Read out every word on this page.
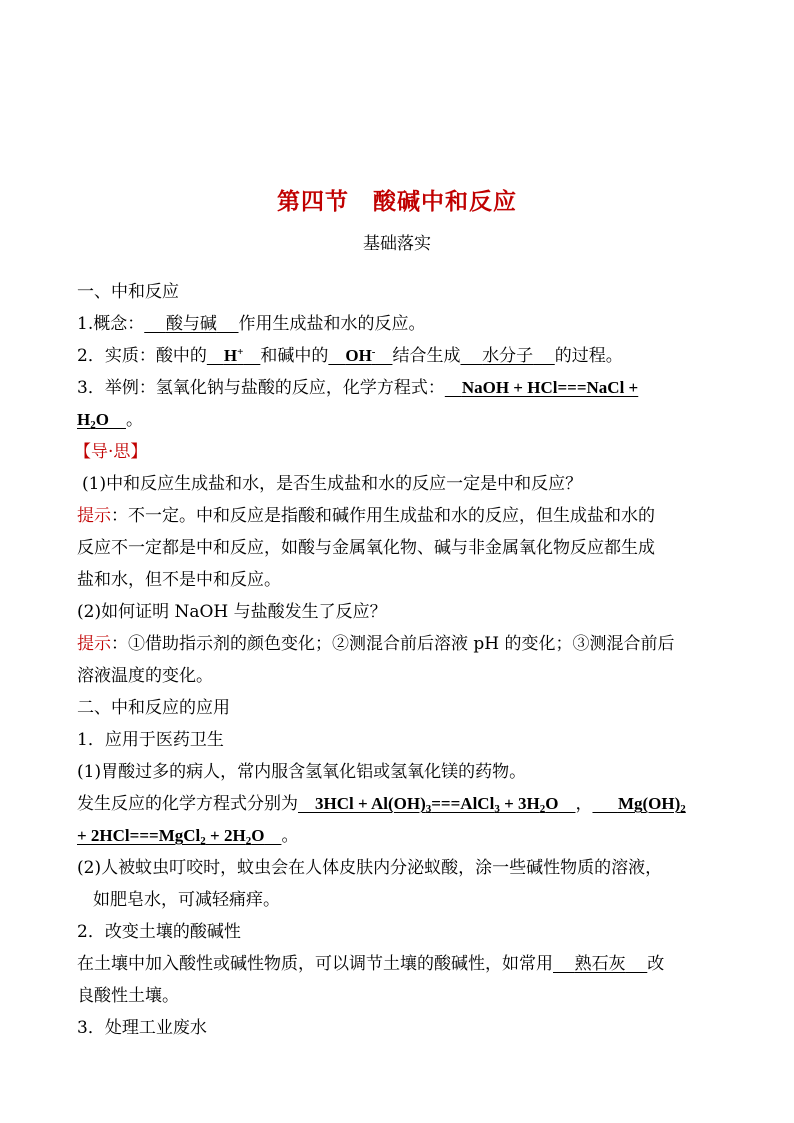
第四节 酸碱中和反应
基础落实
一、中和反应
1.概念：   酸与碱   作用生成盐和水的反应。
2．实质：酸中的   H+   和碱中的   OH-   结合生成   水分子   的过程。
3．举例：氢氧化钠与盐酸的反应，化学方程式：   NaOH + HCl===NaCl +
$H_2O$   。
【导·思】
(1)中和反应生成盐和水，是否生成盐和水的反应一定是中和反应？
提示：不一定。中和反应是指酸和碱作用生成盐和水的反应，但生成盐和水的
反应不一定都是中和反应，如酸与金属氧化物、碱与非金属氧化物反应都生成
盐和水，但不是中和反应。
(2)如何证明 NaOH 与盐酸发生了反应？
提示：①借助指示剂的颜色变化；②测混合前后溶液 pH 的变化；③测混合前后
溶液温度的变化。
二、中和反应的应用
1．应用于医药卫生
(1)胃酸过多的病人，常内服含氢氧化铝或氢氧化镁的药物。
发生反应的化学方程式分别为   $3HCl + Al(OH)_3===AlCl_3 + 3H_2O$   ，    $Mg(OH)_2$
+ 2HCl===MgCl$_2$ + $2H_2O$   。
(2)人被蚊虫叮咬时，蚊虫会在人体皮肤内分泌蚁酸，涂一些碱性物质的溶液，
如肥皂水，可减轻痛痒。
2．改变土壤的酸碱性
在土壤中加入酸性或碱性物质，可以调节土壤的酸碱性，如常用   熟石灰   改
良酸性土壤。
3．处理工业废水
